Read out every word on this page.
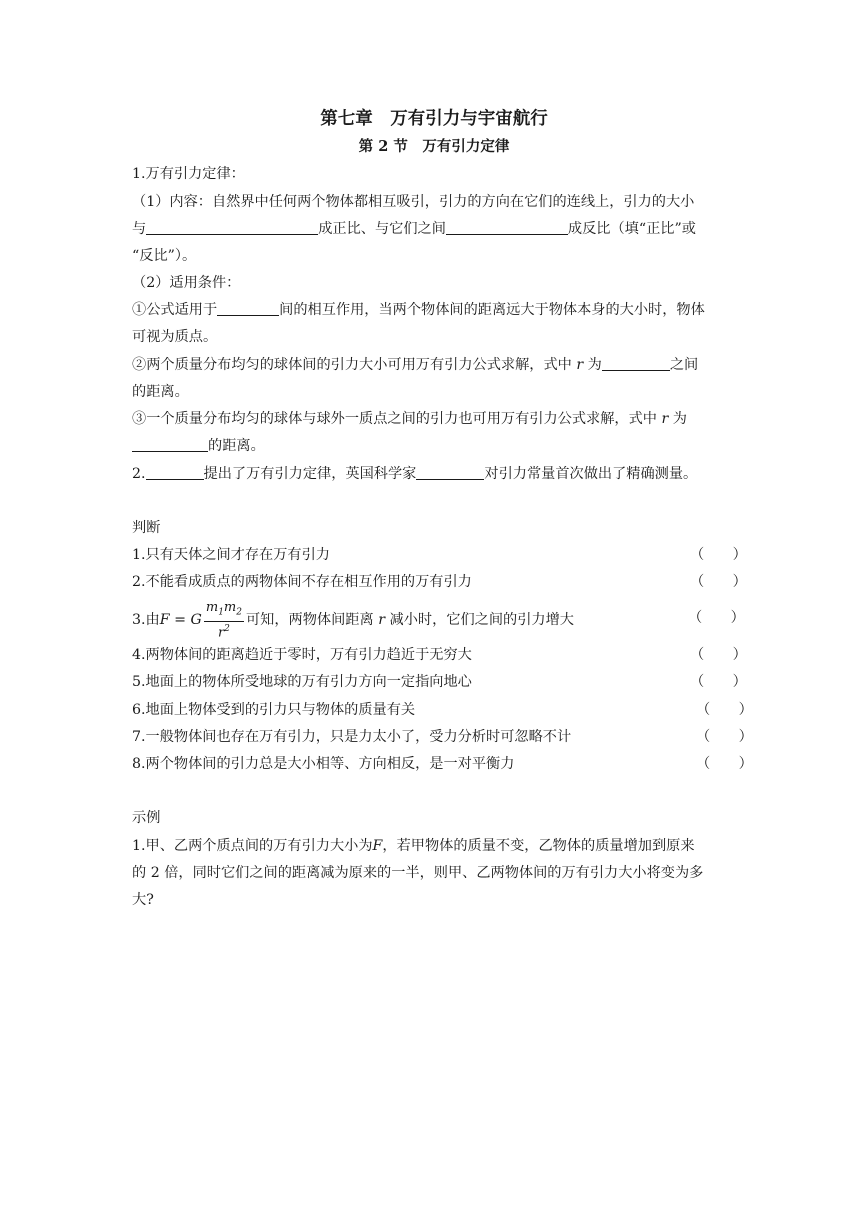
第七章　万有引力与宇宙航行
第 2 节　万有引力定律
1.万有引力定律：
（1）内容：自然界中任何两个物体都相互吸引，引力的方向在它们的连线上，引力的大小
与	成正比、与它们之间	成反比（填“正比”或
“反比”）。
（2）适用条件：
①公式适用于	间的相互作用，当两个物体间的距离远大于物体本身的大小时，物体
可视为质点。
②两个质量分布均匀的球体间的引力大小可用万有引力公式求解，式中 r 为	之间
的距离。
③一个质量分布均匀的球体与球外一质点之间的引力也可用万有引力公式求解，式中 r 为
的距离。
2.	提出了万有引力定律，英国科学家	对引力常量首次做出了精确测量。
判断
1.只有天体之间才存在万有引力	（　　）
2.不能看成质点的两物体间不存在相互作用的万有引力	（　　）
3.由F = G $\frac{m_1m_2}{r^2}$ 可知，两物体间距离 r 减小时，它们之间的引力增大	（　　）
4.两物体间的距离趋近于零时，万有引力趋近于无穷大	（　　）
5.地面上的物体所受地球的万有引力方向一定指向地心	（　　）
6.地面上物体受到的引力只与物体的质量有关	（　　）
7.一般物体间也存在万有引力，只是力太小了，受力分析时可忽略不计	（　　）
8.两个物体间的引力总是大小相等、方向相反，是一对平衡力	（　　）
示例
1.甲、乙两个质点间的万有引力大小为F，若甲物体的质量不变，乙物体的质量增加到原来
的 2 倍，同时它们之间的距离减为原来的一半，则甲、乙两物体间的万有引力大小将变为多
大?
